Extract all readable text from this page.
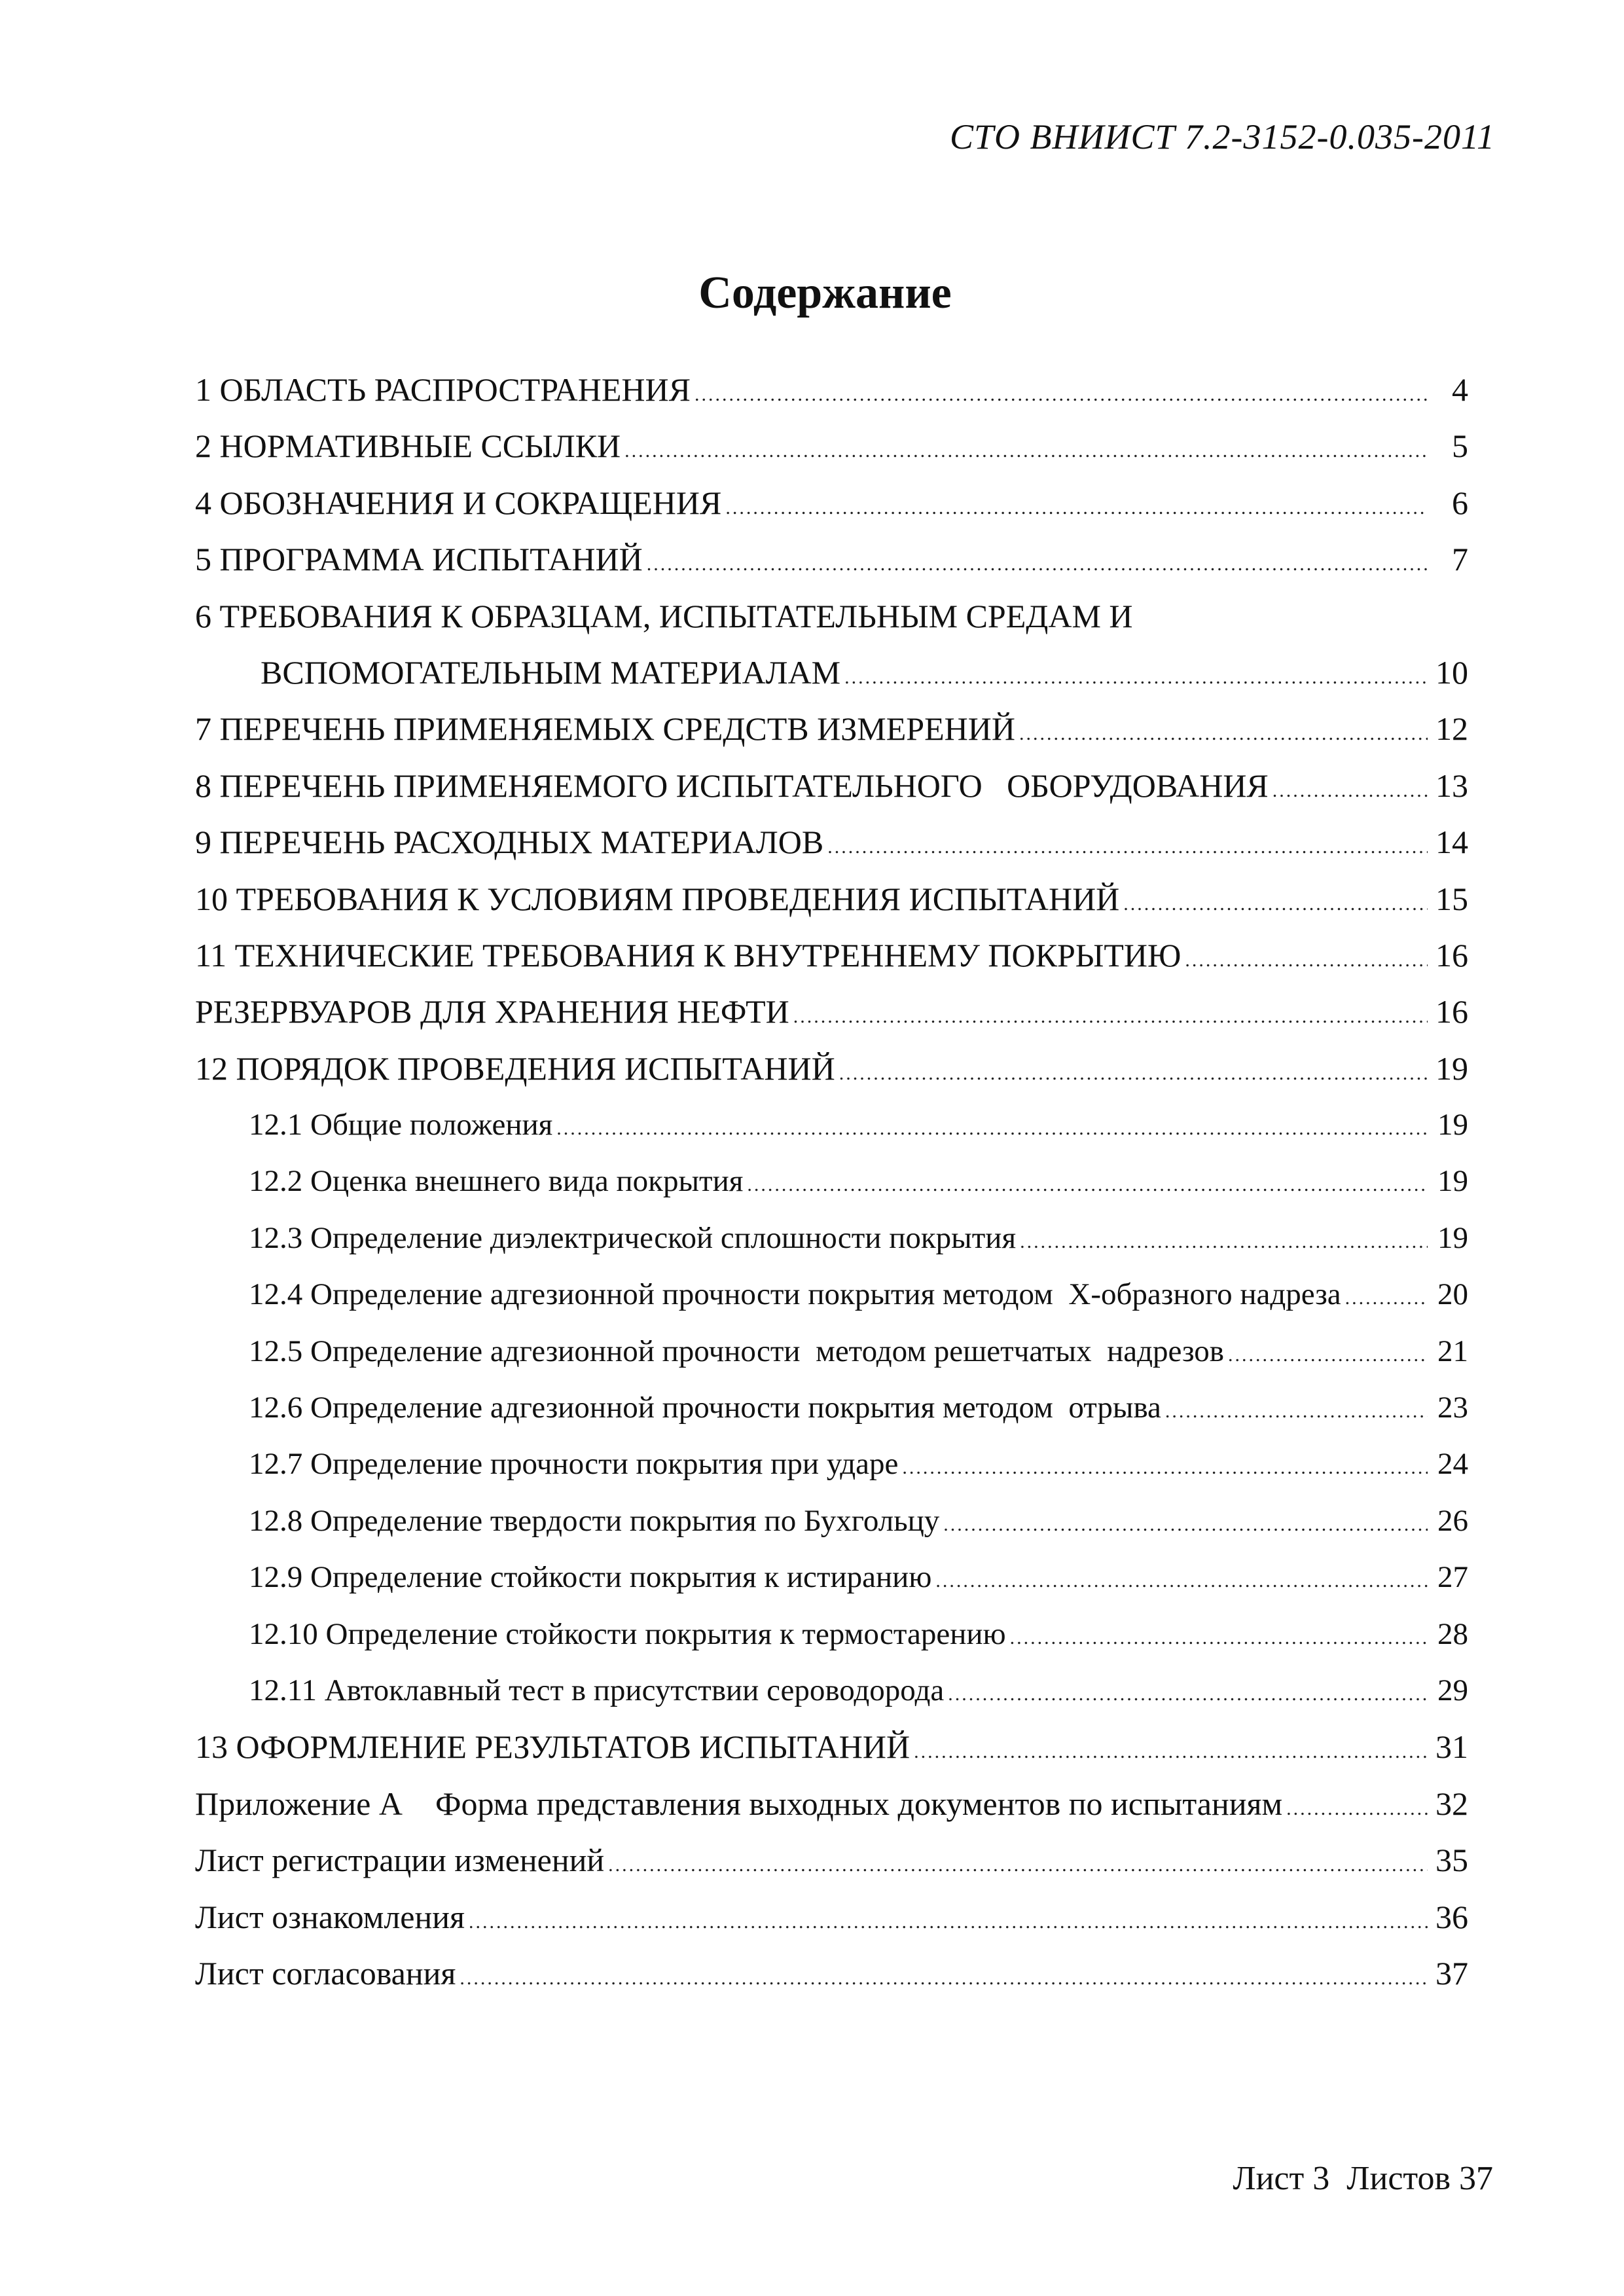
СТО ВНИИСТ 7.2-3152-0.035-2011
Содержание
1 ОБЛАСТЬ РАСПРОСТРАНЕНИЯ .....	4
2 НОРМАТИВНЫЕ ССЫЛКИ .....	5
4 ОБОЗНАЧЕНИЯ И СОКРАЩЕНИЯ .....	6
5 ПРОГРАММА ИСПЫТАНИЙ .....	7
6 ТРЕБОВАНИЯ К ОБРАЗЦАМ, ИСПЫТАТЕЛЬНЫМ СРЕДАМ И
ВСПОМОГАТЕЛЬНЫМ МАТЕРИАЛАМ .....	10
7 ПЕРЕЧЕНЬ ПРИМЕНЯЕМЫХ СРЕДСТВ ИЗМЕРЕНИЙ .....	12
8 ПЕРЕЧЕНЬ ПРИМЕНЯЕМОГО ИСПЫТАТЕЛЬНОГО   ОБОРУДОВАНИЯ .....	13
9 ПЕРЕЧЕНЬ РАСХОДНЫХ МАТЕРИАЛОВ .....	14
10 ТРЕБОВАНИЯ К УСЛОВИЯМ ПРОВЕДЕНИЯ ИСПЫТАНИЙ .....	15
11 ТЕХНИЧЕСКИЕ ТРЕБОВАНИЯ К ВНУТРЕННЕМУ ПОКРЫТИЮ .....	16
РЕЗЕРВУАРОВ ДЛЯ ХРАНЕНИЯ НЕФТИ .....	16
12 ПОРЯДОК ПРОВЕДЕНИЯ ИСПЫТАНИЙ .....	19
12.1 Общие положения .....	19
12.2 Оценка внешнего вида покрытия .....	19
12.3 Определение диэлектрической сплошности покрытия .....	19
12.4 Определение адгезионной прочности покрытия методом  Х-образного надреза .....	20
12.5 Определение адгезионной прочности  методом решетчатых  надрезов .....	21
12.6 Определение адгезионной прочности покрытия методом  отрыва .....	23
12.7 Определение прочности покрытия при ударе .....	24
12.8 Определение твердости покрытия по Бухгольцу .....	26
12.9 Определение стойкости покрытия к истиранию .....	27
12.10 Определение стойкости покрытия к термостарению .....	28
12.11 Автоклавный тест в присутствии сероводорода .....	29
13 ОФОРМЛЕНИЕ РЕЗУЛЬТАТОВ ИСПЫТАНИЙ .....	31
Приложение А    Форма представления выходных документов по испытаниям .....	32
Лист регистрации изменений .....	35
Лист ознакомления .....	36
Лист согласования .....	37
Лист 3  Листов 37
